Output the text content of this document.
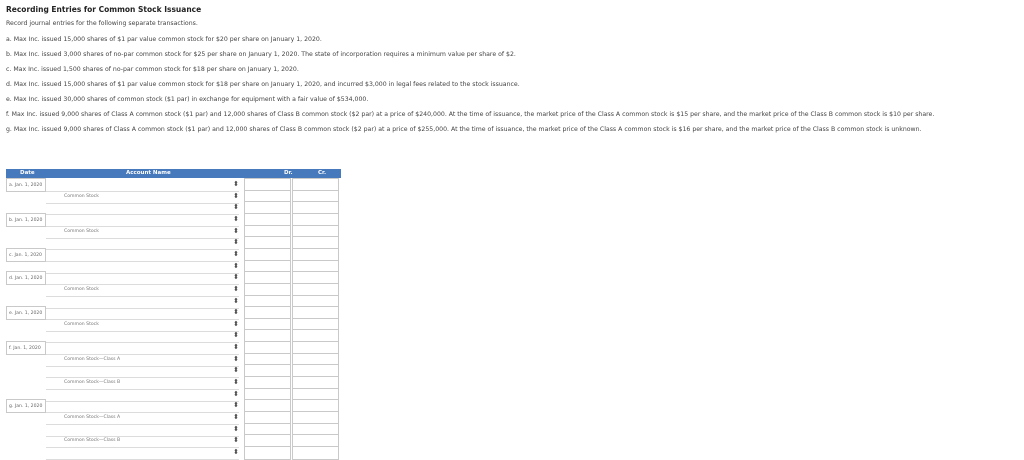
Recording Entries for Common Stock Issuance
Record journal entries for the following separate transactions.
a. Max Inc. issued 15,000 shares of $1 par value common stock for $20 per share on January 1, 2020.
b. Max Inc. issued 3,000 shares of no-par common stock for $25 per share on January 1, 2020. The state of incorporation requires a minimum value per share of $2.
c. Max Inc. issued 1,500 shares of no-par common stock for $18 per share on January 1, 2020.
d. Max Inc. issued 15,000 shares of $1 par value common stock for $18 per share on January 1, 2020, and incurred $3,000 in legal fees related to the stock issuance.
e. Max Inc. issued 30,000 shares of common stock ($1 par) in exchange for equipment with a fair value of $534,000.
f. Max Inc. issued 9,000 shares of Class A common stock ($1 par) and 12,000 shares of Class B common stock ($2 par) at a price of $240,000. At the time of issuance, the market price of the Class A common stock is $15 per share, and the market price of the Class B common stock is $10 per share.
g. Max Inc. issued 9,000 shares of Class A common stock ($1 par) and 12,000 shares of Class B common stock ($2 par) at a price of $255,000. At the time of issuance, the market price of the Class A common stock is $16 per share, and the market price of the Class B common stock is unknown.
Date	Account Name	Dr.	Cr.
a. Jan. 1, 2020	⬍
Common Stock	⬍
⬍
b. Jan. 1, 2020	⬍
Common Stock	⬍
⬍
c. Jan. 1, 2020	⬍
⬍
d. Jan. 1, 2020	⬍
Common Stock	⬍
⬍
e. Jan. 1, 2020	⬍
Common Stock	⬍
⬍
f. Jan. 1, 2020	⬍
Common Stock—Class A	⬍
⬍
Common Stock—Class B	⬍
⬍
g. Jan. 1, 2020	⬍
Common Stock—Class A	⬍
⬍
Common Stock—Class B	⬍
⬍
